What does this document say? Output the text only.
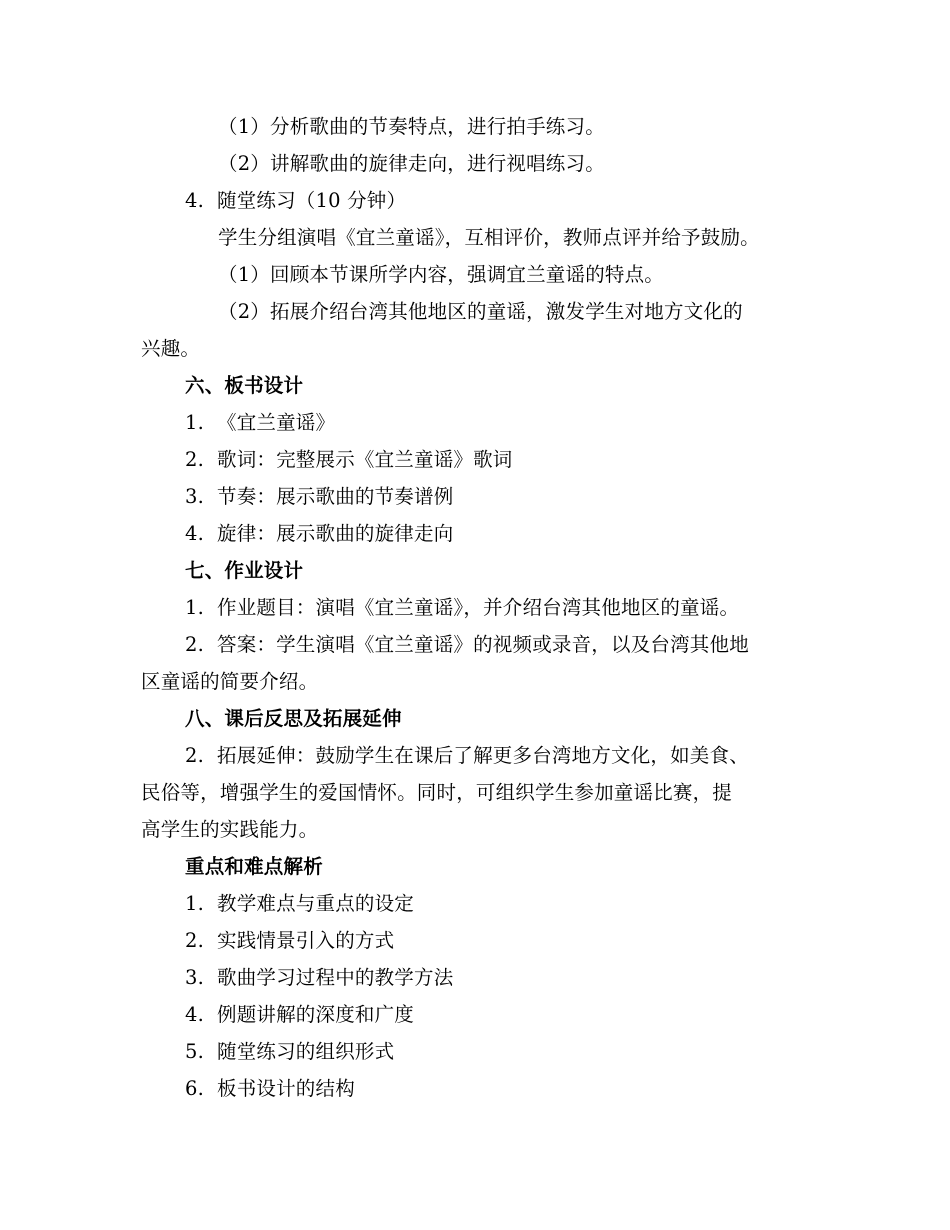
（1）分析歌曲的节奏特点，进行拍手练习。
（2）讲解歌曲的旋律走向，进行视唱练习。
4. 随堂练习（10 分钟）
学生分组演唱《宜兰童谣》，互相评价，教师点评并给予鼓励。
（1）回顾本节课所学内容，强调宜兰童谣的特点。
（2）拓展介绍台湾其他地区的童谣，激发学生对地方文化的
兴趣。
六、板书设计
1. 《宜兰童谣》
2. 歌词：完整展示《宜兰童谣》歌词
3. 节奏：展示歌曲的节奏谱例
4. 旋律：展示歌曲的旋律走向
七、作业设计
1. 作业题目：演唱《宜兰童谣》，并介绍台湾其他地区的童谣。
2. 答案：学生演唱《宜兰童谣》的视频或录音，以及台湾其他地
区童谣的简要介绍。
八、课后反思及拓展延伸
2. 拓展延伸：鼓励学生在课后了解更多台湾地方文化，如美食、
民俗等，增强学生的爱国情怀。同时，可组织学生参加童谣比赛，提
高学生的实践能力。
重点和难点解析
1. 教学难点与重点的设定
2. 实践情景引入的方式
3. 歌曲学习过程中的教学方法
4. 例题讲解的深度和广度
5. 随堂练习的组织形式
6. 板书设计的结构
